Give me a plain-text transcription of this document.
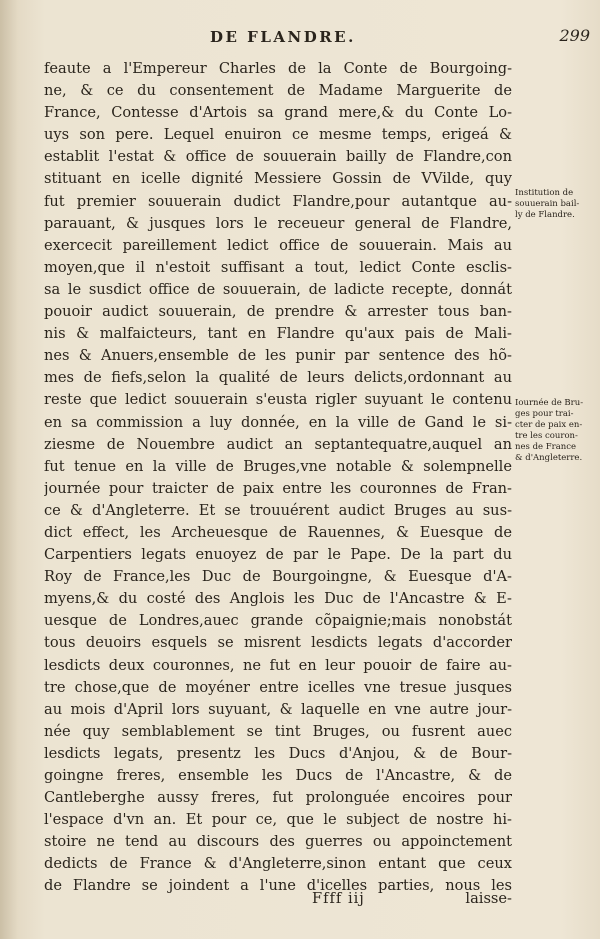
DE FLANDRE.	299
feaute a l'Empereur Charles de la Conte de Bourgoing-
ne, & ce du consentement de Madame Marguerite de
France, Contesse d'Artois sa grand mere,& du Conte Lo-
uys son pere. Lequel enuiron ce mesme temps, erigeá &
establit l'estat & office de souuerain bailly de Flandre,con
stituant en icelle dignité Messiere Gossin de VVilde, quy
fut premier souuerain dudict Flandre,pour autantque au-
parauant, & jusques lors le receueur general de Flandre,
exercecit pareillement ledict office de souuerain. Mais au
moyen,que il n'estoit suffisant a tout, ledict Conte esclis-
sa le susdict office de souuerain, de ladicte recepte, donnát
pouoir audict souuerain, de prendre & arrester tous ban-
nis & malfaicteurs, tant en Flandre qu'aux pais de Mali-
nes & Anuers,ensemble de les punir par sentence des hõ-
mes de fiefs,selon la qualité de leurs delicts,ordonnant au
reste que ledict souuerain s'eusta rigler suyuant le contenu
en sa commission a luy donnée, en la ville de Gand le si-
ziesme de Nouembre audict an septantequatre,auquel an
fut tenue en la ville de Bruges,vne notable & solempnelle
journée pour traicter de paix entre les couronnes de Fran-
ce & d'Angleterre. Et se trouuérent audict Bruges au sus-
dict effect, les Archeuesque de Rauennes, & Euesque de
Carpentiers legats enuoyez de par le Pape. De la part du
Roy de France,les Duc de Bourgoingne, & Euesque d'A-
myens,& du costé des Anglois les Duc de l'Ancastre & E-
uesque de Londres,auec grande cõpaignie;mais nonobstát
tous deuoirs esquels se misrent lesdicts legats d'accorder
lesdicts deux couronnes, ne fut en leur pouoir de faire au-
tre chose,que de moyéner entre icelles vne tresue jusques
au mois d'April lors suyuant, & laquelle en vne autre jour-
née quy semblablement se tint Bruges, ou fusrent auec
lesdicts legats, presentz les Ducs d'Anjou, & de Bour-
goingne freres, ensemble les Ducs de l'Ancastre, & de
Cantleberghe aussy freres, fut prolonguée encoires pour
l'espace d'vn an. Et pour ce, que le subject de nostre hi-
stoire ne tend au discours des guerres ou appoinctement
dedicts de France & d'Angleterre,sinon entant que ceux
de Flandre se joindent a l'une d'icelles parties, nous les
Institution de
souuerain bail-
ly de Flandre.
Iournée de Bru-
ges pour trai-
cter de paix en-
tre les couron-
nes de France
& d'Angleterre.
Ffff iij	laisse-
